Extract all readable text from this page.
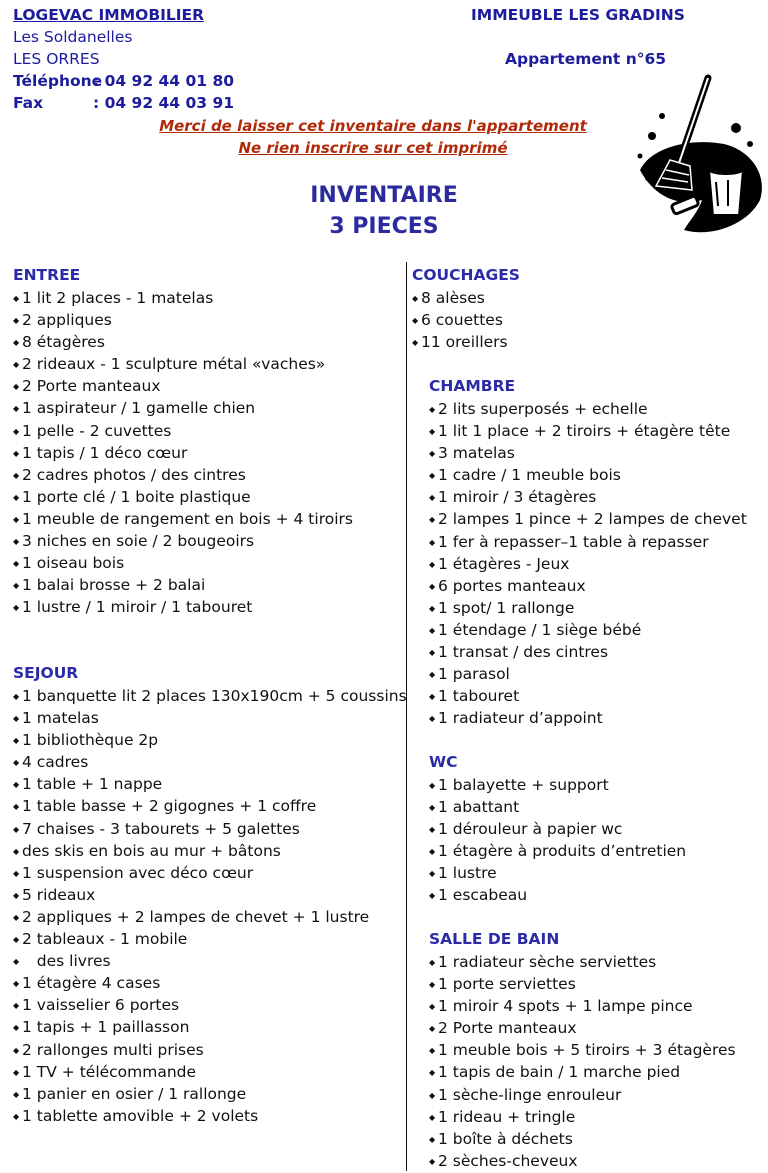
LOGEVAC IMMOBILIER
Les Soldanelles
LES ORRES
Téléphone
: 04 92 44 01 80
Fax	: 04 92 44 03 91
IMMEUBLE LES GRADINS
Appartement n°65
Merci de laisser cet inventaire dans l'appartement
Ne rien inscrire sur cet imprimé
INVENTAIRE
3 PIECES
ENTREE
◆ 1 lit 2 places - 1 matelas
◆ 2 appliques
◆ 8 étagères
◆ 2 rideaux - 1 sculpture métal «vaches»
◆ 2 Porte manteaux
◆ 1 aspirateur / 1 gamelle chien
◆ 1 pelle - 2 cuvettes
◆ 1 tapis / 1 déco cœur
◆ 2 cadres photos / des cintres
◆ 1 porte clé / 1 boite plastique
◆ 1 meuble de rangement en bois + 4 tiroirs
◆ 3 niches en soie / 2 bougeoirs
◆ 1 oiseau bois
◆ 1 balai brosse + 2 balai
◆ 1 lustre / 1 miroir / 1 tabouret
SEJOUR
◆ 1 banquette lit 2 places 130x190cm + 5 coussins
◆ 1 matelas
◆ 1 bibliothèque 2p
◆ 4 cadres
◆ 1 table + 1 nappe
◆ 1 table basse + 2 gigognes + 1 coffre
◆ 7 chaises - 3 tabourets + 5 galettes
◆ des skis en bois au mur + bâtons
◆ 1 suspension avec déco cœur
◆ 5 rideaux
◆ 2 appliques + 2 lampes de chevet + 1 lustre
◆ 2 tableaux - 1 mobile
◆    des livres
◆ 1 étagère 4 cases
◆ 1 vaisselier 6 portes
◆ 1 tapis + 1 paillasson
◆ 2 rallonges multi prises
◆ 1 TV + télécommande
◆ 1 panier en osier / 1 rallonge
◆ 1 tablette amovible + 2 volets
COUCHAGES
◆ 8 alèses
◆ 6 couettes
◆ 11 oreillers
CHAMBRE
◆ 2 lits superposés + echelle
◆ 1 lit 1 place + 2 tiroirs + étagère tête
◆ 3 matelas
◆ 1 cadre / 1 meuble bois
◆ 1 miroir / 3 étagères
◆ 2 lampes 1 pince + 2 lampes de chevet
◆ 1 fer à repasser–1 table à repasser
◆ 1 étagères - Jeux
◆ 6 portes manteaux
◆ 1 spot/ 1 rallonge
◆ 1 étendage / 1 siège bébé
◆ 1 transat / des cintres
◆ 1 parasol
◆ 1 tabouret
◆ 1 radiateur d’appoint
WC
◆ 1 balayette + support
◆ 1 abattant
◆ 1 dérouleur à papier wc
◆ 1 étagère à produits d’entretien
◆ 1 lustre
◆ 1 escabeau
SALLE DE BAIN
◆ 1 radiateur sèche serviettes
◆ 1 porte serviettes
◆ 1 miroir 4 spots + 1 lampe pince
◆ 2 Porte manteaux
◆ 1 meuble bois + 5 tiroirs + 3 étagères
◆ 1 tapis de bain / 1 marche pied
◆ 1 sèche-linge enrouleur
◆ 1 rideau + tringle
◆ 1 boîte à déchets
◆ 2 sèches-cheveux
